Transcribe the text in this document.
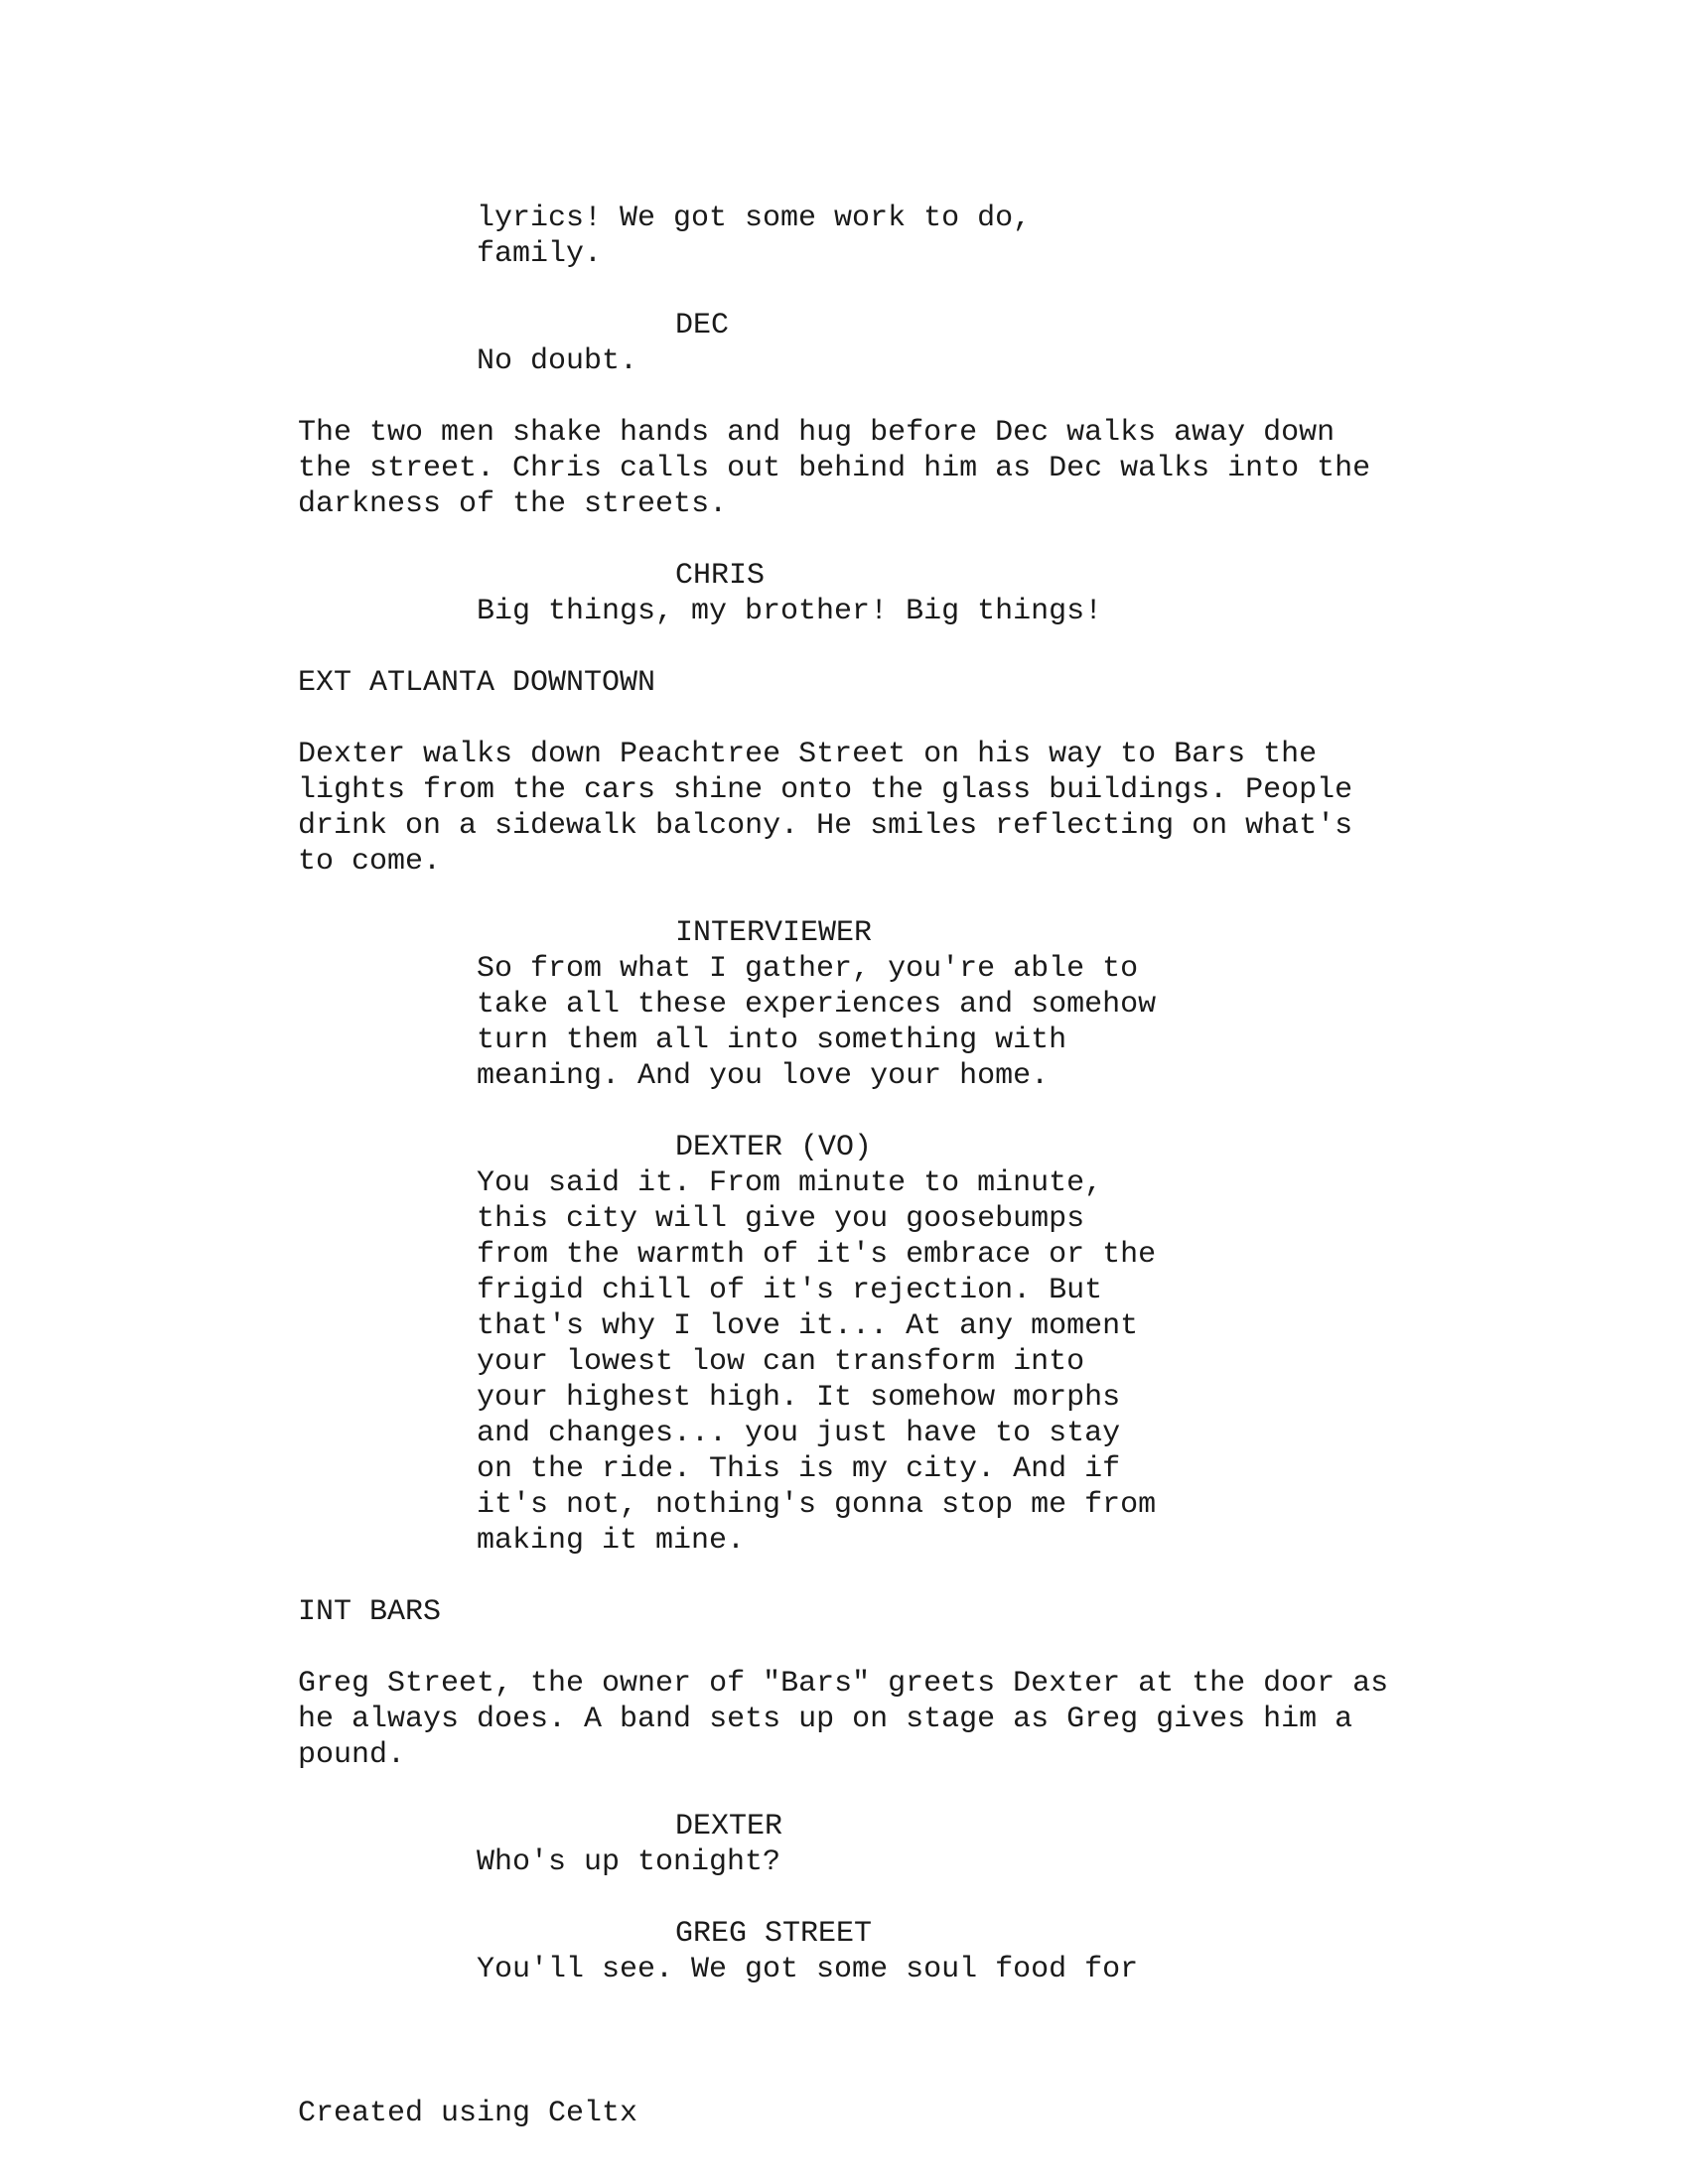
lyrics! We got some work to do,
family.
DEC
No doubt.
The two men shake hands and hug before Dec walks away down
the street. Chris calls out behind him as Dec walks into the
darkness of the streets.
CHRIS
Big things, my brother! Big things!
EXT ATLANTA DOWNTOWN
Dexter walks down Peachtree Street on his way to Bars the
lights from the cars shine onto the glass buildings. People
drink on a sidewalk balcony. He smiles reflecting on what's
to come.
INTERVIEWER
So from what I gather, you're able to
take all these experiences and somehow
turn them all into something with
meaning. And you love your home.
DEXTER (VO)
You said it. From minute to minute,
this city will give you goosebumps
from the warmth of it's embrace or the
frigid chill of it's rejection. But
that's why I love it... At any moment
your lowest low can transform into
your highest high. It somehow morphs
and changes... you just have to stay
on the ride. This is my city. And if
it's not, nothing's gonna stop me from
making it mine.
INT BARS
Greg Street, the owner of "Bars" greets Dexter at the door as
he always does. A band sets up on stage as Greg gives him a
pound.
DEXTER
Who's up tonight?
GREG STREET
You'll see. We got some soul food for
Created using Celtx
